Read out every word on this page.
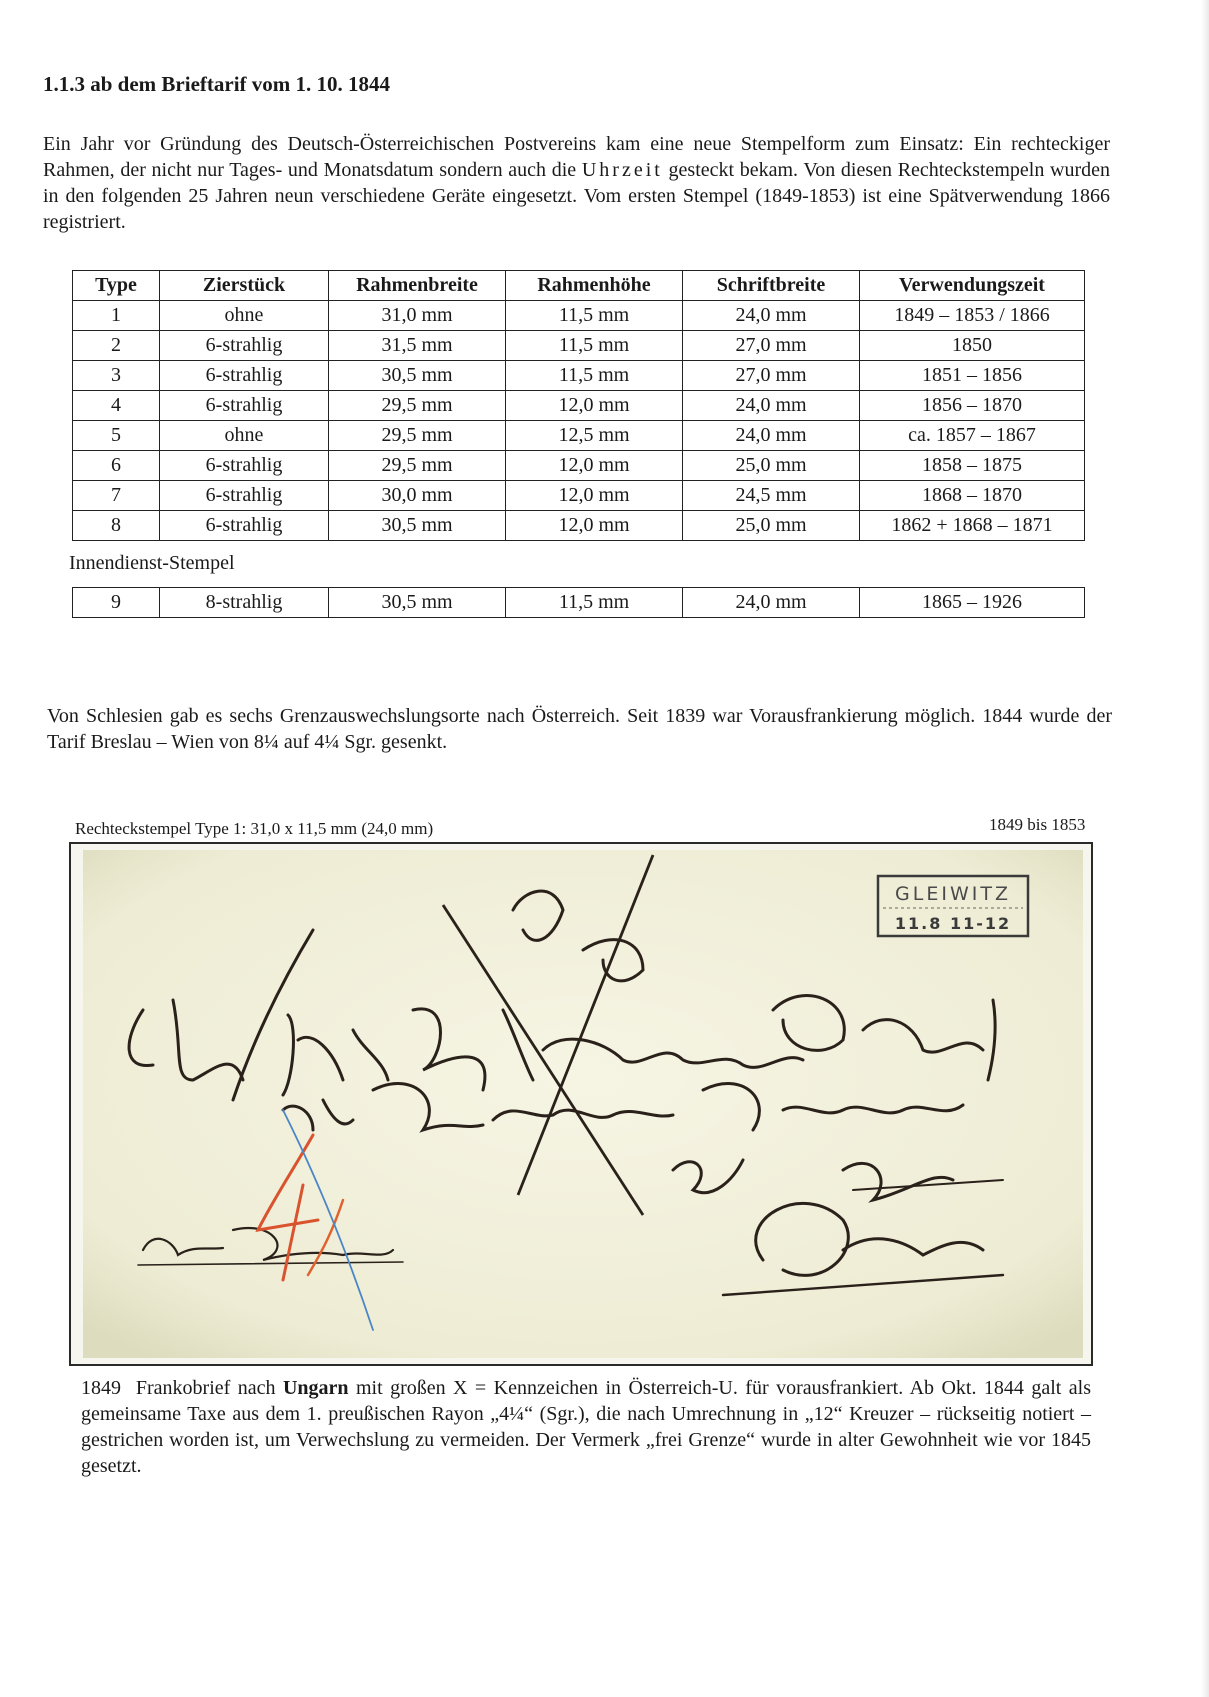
1.1.3 ab dem Brieftarif vom 1. 10. 1844

Ein Jahr vor Gründung des Deutsch-Österreichischen Postvereins kam eine neue Stempelform zum Einsatz: Ein rechteckiger Rahmen, der nicht nur Tages- und Monatsdatum sondern auch die Uhrzeit gesteckt bekam. Von diesen Rechteckstempeln wurden in den folgenden 25 Jahren neun verschiedene Geräte eingesetzt. Vom ersten Stempel (1849-1853) ist eine Spätverwendung 1866 registriert.

Type	Zierstück	Rahmenbreite	Rahmenhöhe	Schriftbreite	Verwendungszeit
1	ohne	31,0 mm	11,5 mm	24,0 mm	1849 – 1853 / 1866
2	6-strahlig	31,5 mm	11,5 mm	27,0 mm	1850
3	6-strahlig	30,5 mm	11,5 mm	27,0 mm	1851 – 1856
4	6-strahlig	29,5 mm	12,0 mm	24,0 mm	1856 – 1870
5	ohne	29,5 mm	12,5 mm	24,0 mm	ca. 1857 – 1867
6	6-strahlig	29,5 mm	12,0 mm	25,0 mm	1858 – 1875
7	6-strahlig	30,0 mm	12,0 mm	24,5 mm	1868 – 1870
8	6-strahlig	30,5 mm	12,0 mm	25,0 mm	1862 + 1868 – 1871
Innendienst-Stempel
9	8-strahlig	30,5 mm	11,5 mm	24,0 mm	1865 – 1926

Von Schlesien gab es sechs Grenzauswechslungsorte nach Österreich. Seit 1839 war Vorausfrankierung möglich. 1844 wurde der Tarif Breslau – Wien von 8¼ auf 4¼ Sgr. gesenkt.

Rechteckstempel Type 1: 31,0 x 11,5 mm (24,0 mm)	1849 bis 1853
GLEIWITZ
11.8 11-12

1849  Frankobrief nach Ungarn mit großen X = Kennzeichen in Österreich-U. für vorausfrankiert. Ab Okt. 1844 galt als gemeinsame Taxe aus dem 1. preußischen Rayon „4¼“ (Sgr.), die nach Umrechnung in „12“ Kreuzer – rückseitig notiert – gestrichen worden ist, um Verwechslung zu vermeiden. Der Vermerk „frei Grenze“ wurde in alter Gewohnheit wie vor 1845 gesetzt.
